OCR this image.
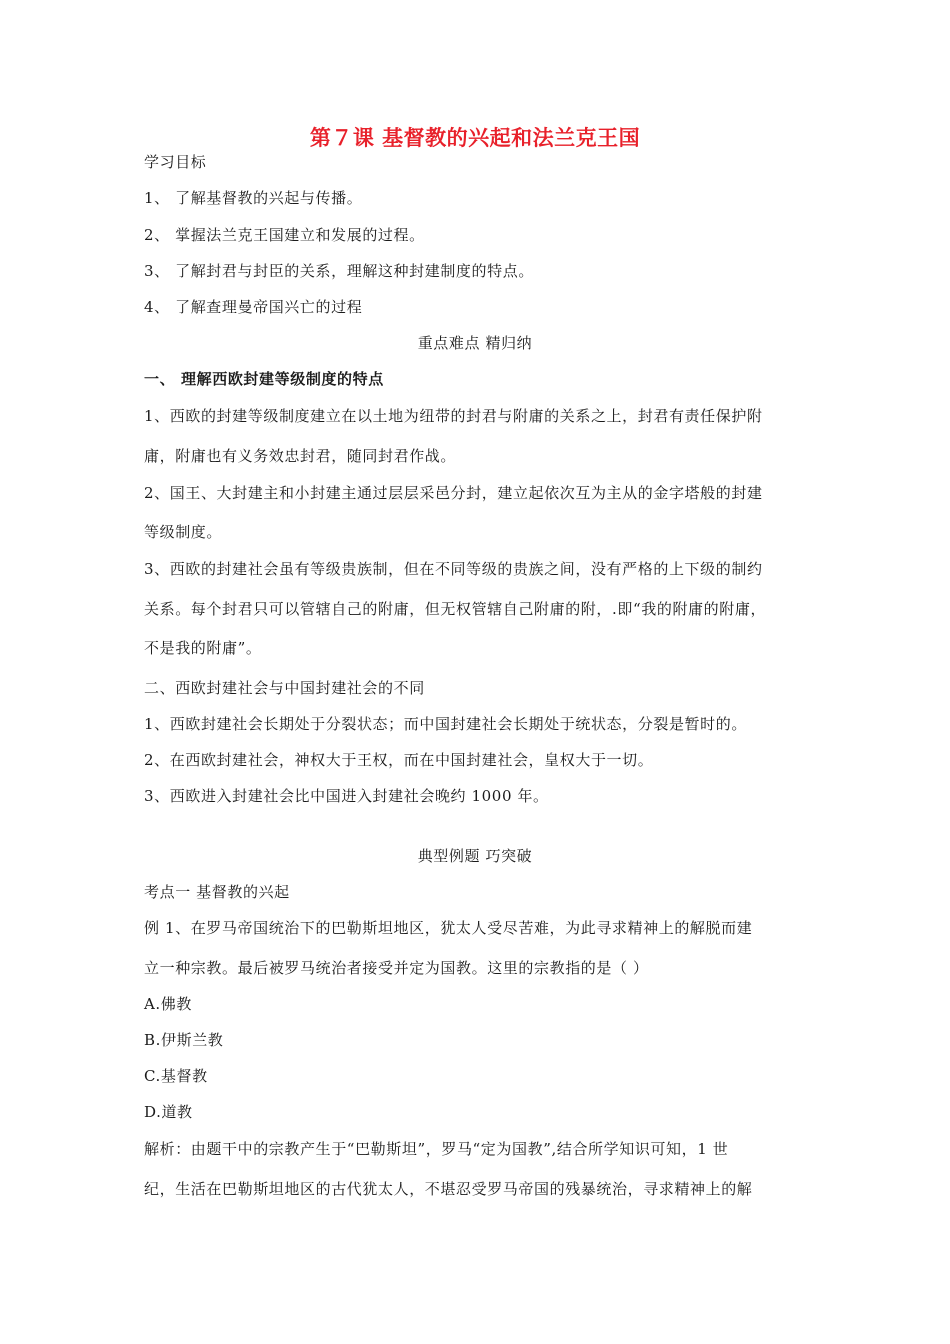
第７课 基督教的兴起和法兰克王国
学习目标
1、 了解基督教的兴起与传播。
2、 掌握法兰克王国建立和发展的过程。
3、 了解封君与封臣的关系，理解这种封建制度的特点。
4、 了解查理曼帝国兴亡的过程
重点难点 精归纳
一、 理解西欧封建等级制度的特点
1、西欧的封建等级制度建立在以土地为纽带的封君与附庸的关系之上，封君有责任保护附
庸，附庸也有义务效忠封君，随同封君作战。
2、国王、大封建主和小封建主通过层层采邑分封，建立起依次互为主从的金字塔般的封建
等级制度。
3、西欧的封建社会虽有等级贵族制，但在不同等级的贵族之间，没有严格的上下级的制约
关系。每个封君只可以管辖自己的附庸，但无权管辖自己附庸的附，.即“我的附庸的附庸，
不是我的附庸”。
二、西欧封建社会与中国封建社会的不同
1、西欧封建社会长期处于分裂状态；而中国封建社会长期处于统状态，分裂是暂时的。
2、在西欧封建社会，神权大于王权，而在中国封建社会，皇权大于一切。
3、西欧进入封建社会比中国进入封建社会晚约 1000 年。
典型例题 巧突破
考点一 基督教的兴起
例 1、在罗马帝国统治下的巴勒斯坦地区，犹太人受尽苦难，为此寻求精神上的解脱而建
立一种宗教。最后被罗马统治者接受并定为国教。这里的宗教指的是（ ）
A.佛教
B.伊斯兰教
C.基督教
D.道教
解析：由题干中的宗教产生于“巴勒斯坦”，罗马“定为国教”,结合所学知识可知，1 世
纪，生活在巴勒斯坦地区的古代犹太人，不堪忍受罗马帝国的残暴统治，寻求精神上的解
